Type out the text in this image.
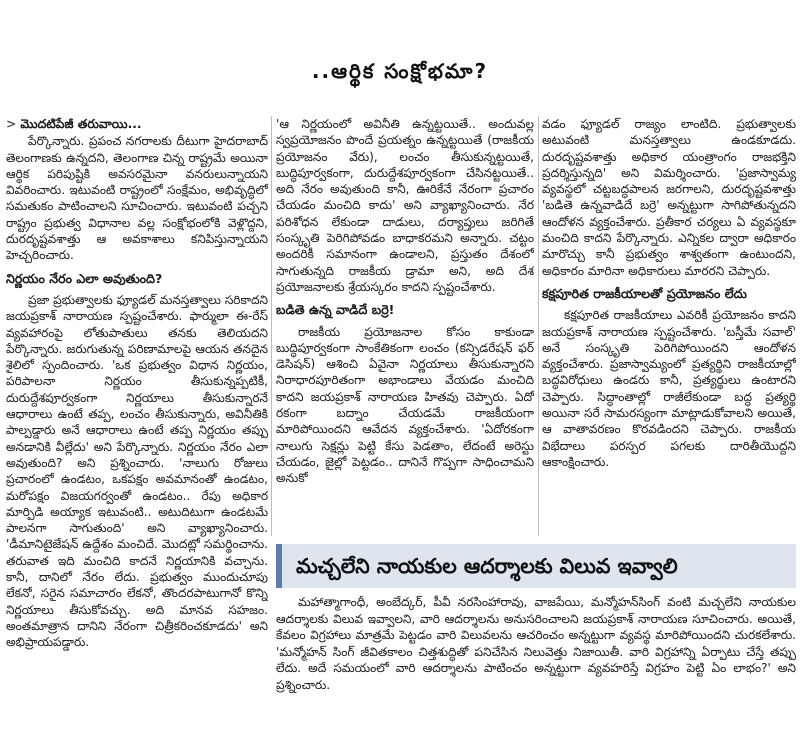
..ఆర్థిక సంక్షోభమా?
> మొదటిపేజీ తరువాయి...

పేర్కొన్నారు. ప్రపంచ నగరాలకు దీటుగా హైదరాబాద్ తెలంగాణకు ఉన్నదని, తెలంగాణ చిన్న రాష్ట్రమే అయినా ఆర్థిక పరిపుష్టికి అవసరమైనా వనరులున్నాయని వివరించారు. ఇటువంటి రాష్ట్రంలో సంక్షేమం, అభివృద్ధిలో సమతుకం పాటించాలని సూచించారు. ఇటువంటి పచ్చని రాష్ట్రం ప్రభుత్వ విధానాల వల్ల సంక్షోభంలోకి వెళ్లొద్దని, దురదృష్టవశాత్తు ఆ అవకాశాలు కనిపిస్తున్నాయని హెచ్చరించారు.

నిర్ణయం నేరం ఎలా అవుతుంది?

ప్రజా ప్రభుత్వాలకు ఫ్యూడల్ మనస్తత్వాలు సరికాదని జయప్రకాశ్ నారాయణ స్పష్టంచేశారు. ఫార్ములా ఈ-రేస్ వ్యవహారంపై లోతుపాతులు తనకు తెలియదని పేర్కొన్నారు. జరుగుతున్న పరిణామాలపై ఆయన తనదైన శైలిలో స్పందించారు. 'ఒక ప్రభుత్వం విధాన నిర్ణయం, పరిపాలనా నిర్ణయం తీసుకున్నప్పటికీ, దురుద్దేశపూర్వకంగా నిర్ణయాలు తీసుకున్నారనే ఆధారాలు ఉంటే తప్ప, లంచం తీసుకున్నారు, అవినీతికి పాల్పడ్డారు అనే ఆధారాలు ఉంటే తప్ప నిర్ణయం తప్పు అనడానికి వీల్లేదు' అని పేర్కొన్నారు. నిర్ణయం నేరం ఎలా అవుతుంది? అని ప్రశ్నించారు. 'నాలుగు రోజులు ప్రచారంలో ఉండటం, ఒకపక్షం అవమానంతో ఉండటం, మరోపక్షం విజయగర్వంతో ఉండటం.. రేపు అధికార మార్పిడి అయ్యాక ఇటువంటి.. అటుదిటుగా ఉండటమే పాలనగా సాగుతుంది' అని వ్యాఖ్యానించారు. 'డీమానిటైజేషన్ ఉద్దేశం మంచిదే. మొదట్లో సమర్థించాను. తరువాత ఇది మంచిది కాదనే నిర్ణయానికి వచ్చాను. కానీ, దానిలో నేరం లేదు. ప్రభుత్వం ముందుచూపు లేకనో, సరైన సమాచారం లేకనో, తొందరపాటుగానో కొన్ని నిర్ణయాలు తీసుకోవచ్చు. అది మానవ సహజం. అంతమాత్రాన దానిని నేరంగా చిత్రీకరించకూడదు' అని అభిప్రాయపడ్డారు.

'ఆ నిర్ణయంలో అవినీతి ఉన్నట్టయితే.. అందువల్ల స్వప్రయోజనం పొందే ప్రయత్నం ఉన్నట్టయితే (రాజకీయ ప్రయోజనం వేరు), లంచం తీసుకున్నట్టయితే, బుద్ధిపూర్వకంగా, దురుద్దేశపూర్వకంగా చేసినట్టయితే.. అది నేరం అవుతుంది కానీ, ఊరికేనే నేరంగా ప్రచారం చేయడం మంచిది కాదు' అని వ్యాఖ్యానించారు. నేర పరిశోధన లేకుండా దాడులు, దర్యాప్తులు జరిగితే సంస్కృతి పెరిగిపోవడం బాధాకరమని అన్నారు. చట్టం అందరికీ సమానంగా ఉండాలని, ప్రస్తుతం దేశంలో సాగుతున్నది రాజకీయ డ్రామా అని, అది దేశ ప్రయోజనాలకు శ్రేయస్కరం కాదని స్పష్టంచేశారు.

బడితె ఉన్న వాడిదే బర్రె!

రాజకీయ ప్రయోజనాల కోసం కాకుండా బుద్ధిపూర్వకంగా సాంకేతికంగా లంచం (కన్సిడరేషన్ ఫర్ డెసిషన్) ఆశించి ఏవైనా నిర్ణయాలు తీసుకున్నారని నిరాధారపూరితంగా అభాండాలు వేయడం మంచిది కాదని జయప్రకాశ్ నారాయణ హితవు చెప్పారు. ఏదో రకంగా బద్నాం చేయడమే రాజకీయంగా మారిపోయిందని ఆవేదన వ్యక్తంచేశారు. 'ఏదోరకంగా నాలుగు సెక్షన్లు పెట్టి కేసు పెడతాం, లేదంటే అరెస్టు చేయడం, జైల్లో పెట్టడం.. దానినే గొప్పగా సాధించామని అనుకో

వడం ఫ్యూడల్ రాజ్యం లాంటిది. ప్రభుత్వాలకు అటువంటి మనస్తత్వాలు ఉండకూడదు. దురదృష్టవశాత్తు అధికార యంత్రాంగం రాజభక్తిని ప్రదర్శిస్తున్నది' అని విమర్శించారు. 'ప్రజాస్వామ్య వ్యవస్థలో చట్టబద్ధపాలన జరగాలని, దురదృష్టవశాత్తు 'బడితె ఉన్నవాడిదే బర్రె' అన్నట్టుగా సాగిపోతున్నదని ఆందోళన వ్యక్తంచేశారు. ప్రతీకార చర్యలు ఏ వ్యవస్థకూ మంచిది కాదని పేర్కొన్నారు. ఎన్నికల ద్వారా అధికారం మారొచ్చు కానీ ప్రభుత్వం శాశ్వతంగా ఉంటుందని, అధికారం మారినా అధికారులు మారరని చెప్పారు.

కక్షపూరిత రాజకీయాలతో ప్రయోజనం లేదు

కక్షపూరిత రాజకీయాలు ఎవరికీ ప్రయోజనం కాదని జయప్రకాశ్ నారాయణ స్పష్టంచేశారు. 'బస్తీమే సవాల్' అనే సంస్కృతి పెరిగిపోయిందని ఆందోళన వ్యక్తంచేశారు. ప్రజాస్వామ్యంలో ప్రత్యర్థిని రాజకీయాల్లో బద్ధవిరోధులు ఉండరు కానీ, ప్రత్యర్థులు ఉంటారని చెప్పారు. సిద్ధాంతాల్లో రాజీలేకుండా బద్ధ ప్రత్యర్థి అయినా సరే సామరస్యంగా మాట్లాడుకోవాలని అయితే, ఆ వాతావరణం కొరవడిందని చెప్పారు. రాజకీయ విభేదాలు పరస్పర పగలకు దారితీయొద్దని ఆకాంక్షించారు.

మచ్చలేని నాయకుల ఆదర్శాలకు విలువ ఇవ్వాలి

మహాత్మాగాంధీ, అంబేద్కర్, పీవీ నరసింహారావు, వాజపేయి, మన్మోహన్‌సింగ్ వంటి మచ్చలేని నాయకుల ఆదర్శాలకు విలువ ఇవ్వాలని, వారి ఆదర్శాలను అనుసరించాలని జయప్రకాశ్ నారాయణ సూచించారు. అయితే, కేవలం విగ్రహాలు మాత్రమే పెట్టడం వారి విలువలను ఆచరించం అన్నట్టుగా వ్యవస్థ మారిపోయిందని చురకలేశారు. 'మన్మోహన్ సింగ్ జీవితకాలం చిత్తశుద్ధితో పనిచేసిన నిలువెత్తు నిజాయితీ. వారి విగ్రహాన్ని ఏర్పాటు చేస్తే తప్పు లేదు. అదే సమయంలో వారి ఆదర్శాలను పాటించం అన్నట్టుగా వ్యవహరిస్తే విగ్రహం పెట్టి ఏం లాభం?' అని ప్రశ్నించారు.
